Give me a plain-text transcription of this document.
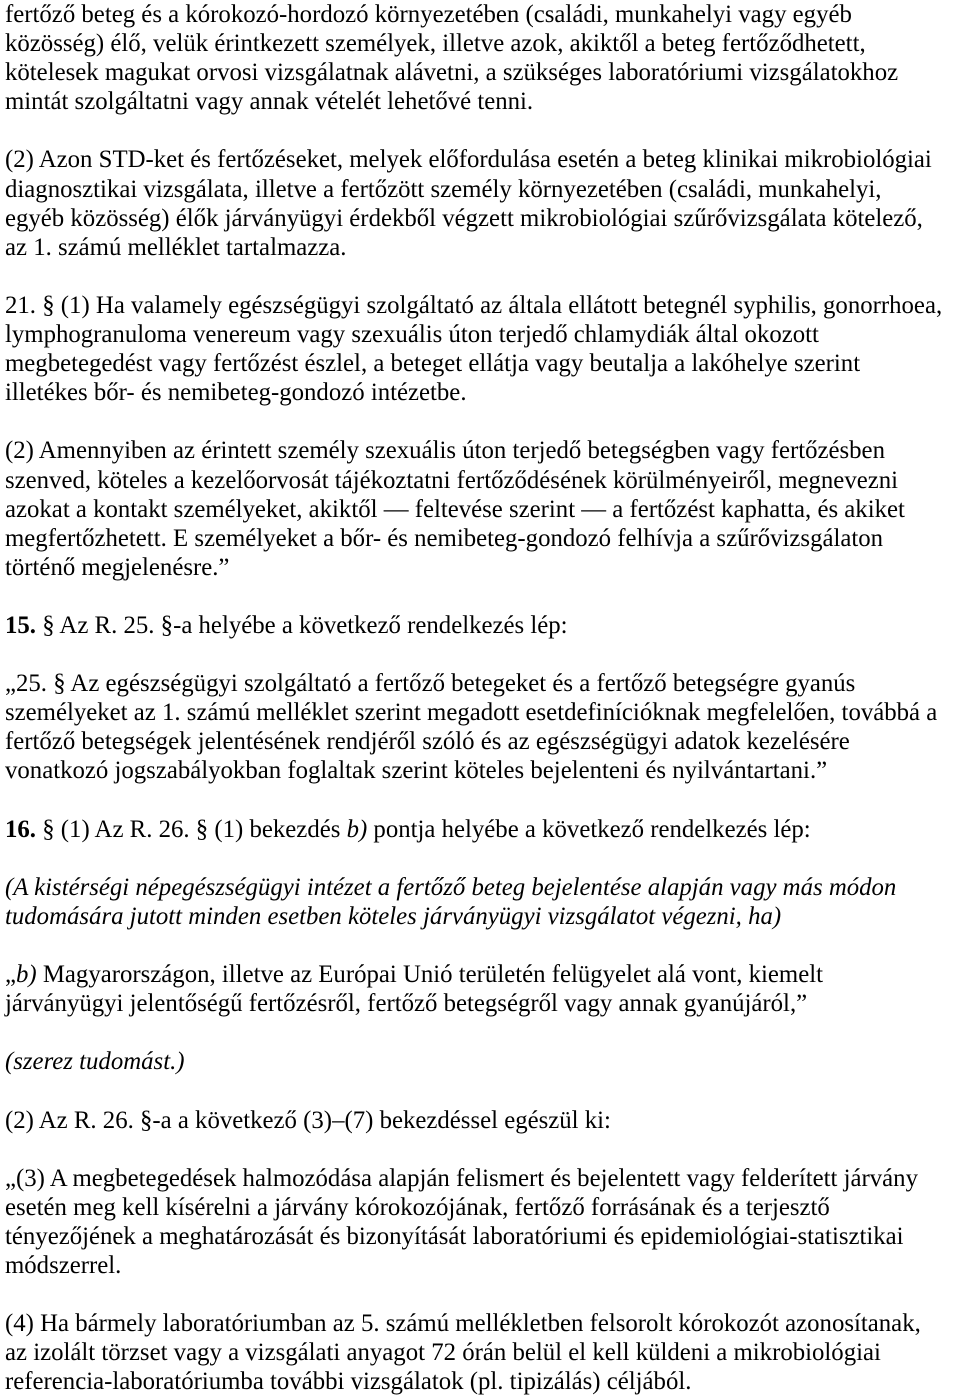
fertőző beteg és a kórokozó-hordozó környezetében (családi, munkahelyi vagy egyéb
közösség) élő, velük érintkezett személyek, illetve azok, akiktől a beteg fertőződhetett,
kötelesek magukat orvosi vizsgálatnak alávetni, a szükséges laboratóriumi vizsgálatokhoz
mintát szolgáltatni vagy annak vételét lehetővé tenni.
(2) Azon STD-ket és fertőzéseket, melyek előfordulása esetén a beteg klinikai mikrobiológiai
diagnosztikai vizsgálata, illetve a fertőzött személy környezetében (családi, munkahelyi,
egyéb közösség) élők járványügyi érdekből végzett mikrobiológiai szűrővizsgálata kötelező,
az 1. számú melléklet tartalmazza.
21. § (1) Ha valamely egészségügyi szolgáltató az általa ellátott betegnél syphilis, gonorrhoea,
lymphogranuloma venereum vagy szexuális úton terjedő chlamydiák által okozott
megbetegedést vagy fertőzést észlel, a beteget ellátja vagy beutalja a lakóhelye szerint
illetékes bőr- és nemibeteg-gondozó intézetbe.
(2) Amennyiben az érintett személy szexuális úton terjedő betegségben vagy fertőzésben
szenved, köteles a kezelőorvosát tájékoztatni fertőződésének körülményeiről, megnevezni
azokat a kontakt személyeket, akiktől — feltevése szerint — a fertőzést kaphatta, és akiket
megfertőzhetett. E személyeket a bőr- és nemibeteg-gondozó felhívja a szűrővizsgálaton
történő megjelenésre.”
15. § Az R. 25. §-a helyébe a következő rendelkezés lép:
„25. § Az egészségügyi szolgáltató a fertőző betegeket és a fertőző betegségre gyanús
személyeket az 1. számú melléklet szerint megadott esetdefinícióknak megfelelően, továbbá a
fertőző betegségek jelentésének rendjéről szóló és az egészségügyi adatok kezelésére
vonatkozó jogszabályokban foglaltak szerint köteles bejelenteni és nyilvántartani.”
16. § (1) Az R. 26. § (1) bekezdés b) pontja helyébe a következő rendelkezés lép:
(A kistérségi népegészségügyi intézet a fertőző beteg bejelentése alapján vagy más módon
tudomására jutott minden esetben köteles járványügyi vizsgálatot végezni, ha)
„b) Magyarországon, illetve az Európai Unió területén felügyelet alá vont, kiemelt
járványügyi jelentőségű fertőzésről, fertőző betegségről vagy annak gyanújáról,”
(szerez tudomást.)
(2) Az R. 26. §-a a következő (3)–(7) bekezdéssel egészül ki:
„(3) A megbetegedések halmozódása alapján felismert és bejelentett vagy felderített járvány
esetén meg kell kísérelni a járvány kórokozójának, fertőző forrásának és a terjesztő
tényezőjének a meghatározását és bizonyítását laboratóriumi és epidemiológiai-statisztikai
módszerrel.
(4) Ha bármely laboratóriumban az 5. számú mellékletben felsorolt kórokozót azonosítanak,
az izolált törzset vagy a vizsgálati anyagot 72 órán belül el kell küldeni a mikrobiológiai
referencia-laboratóriumba további vizsgálatok (pl. tipizálás) céljából.
